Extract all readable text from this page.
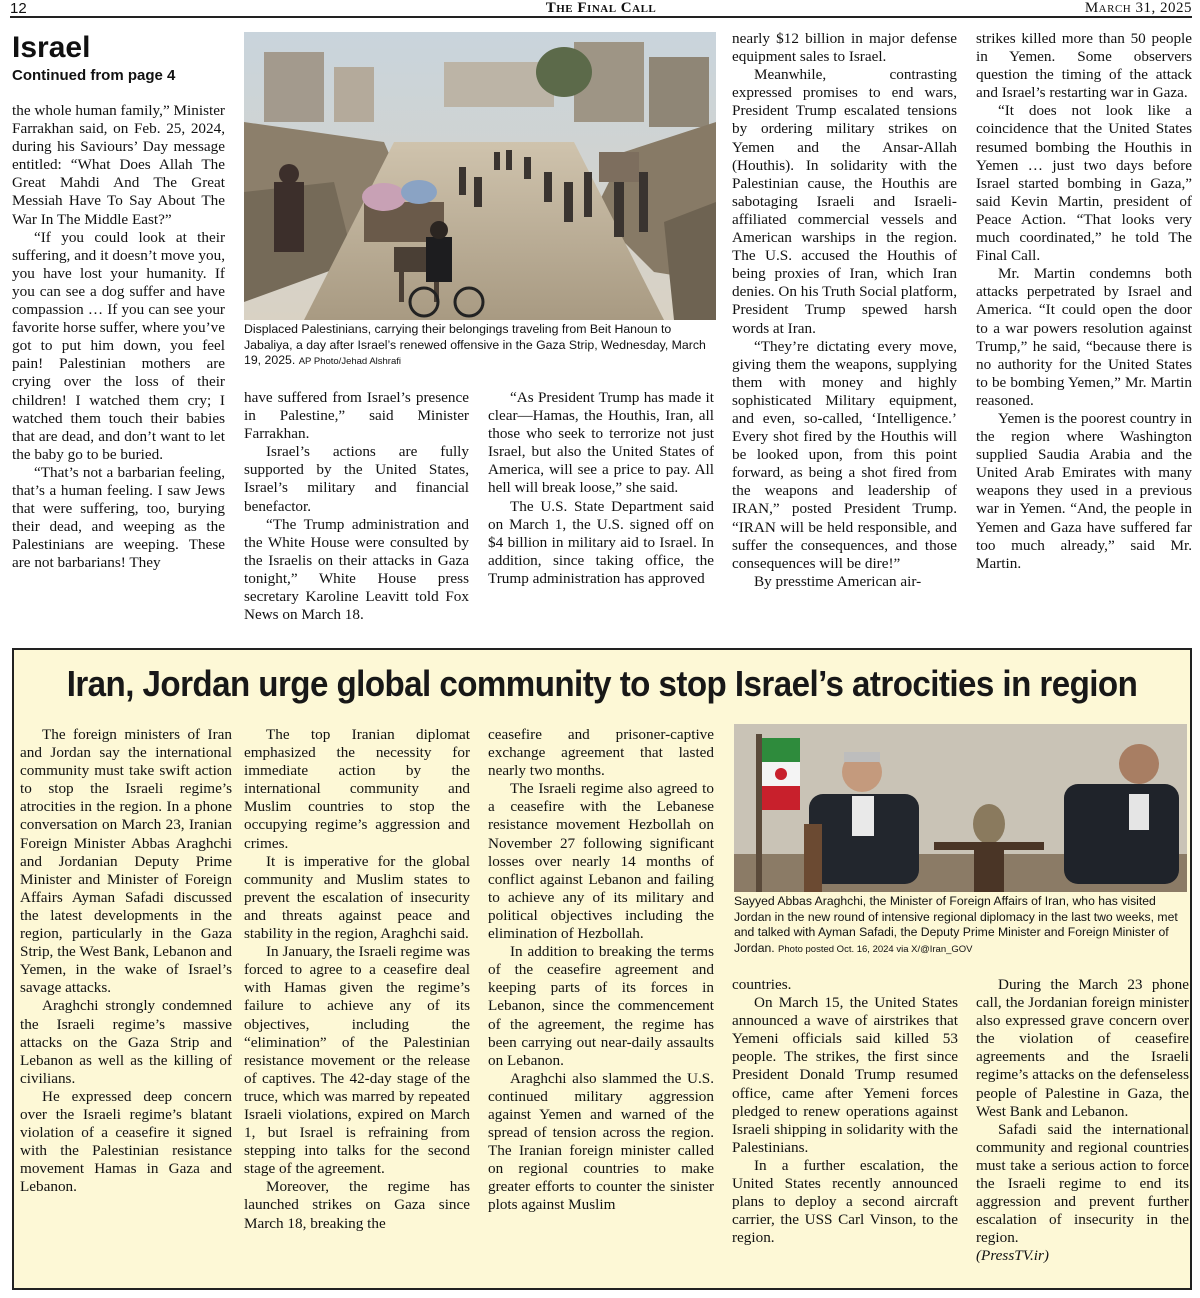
12	The Final Call	March 31, 2025
Israel
Continued from page 4

the whole human family,” Minister Farrakhan said, on Feb. 25, 2024, during his Saviours’ Day message entitled: “What Does Allah The Great Mahdi And The Great Messiah Have To Say About The War In The Middle East?”

“If you could look at their suffering, and it doesn’t move you, you have lost your humanity. If you can see a dog suffer and have compassion … If you can see your favorite horse suffer, where you’ve got to put him down, you feel pain! Palestinian mothers are crying over the loss of their children! I watched them cry; I watched them touch their babies that are dead, and don’t want to let the baby go to be buried.

“That’s not a barbarian feeling, that’s a human feeling. I saw Jews that were suffering, too, burying their dead, and weeping as the Palestinians are weeping. These are not barbarians! They

Displaced Palestinians, carrying their belongings traveling from Beit Hanoun to Jabaliya, a day after Israel’s renewed offensive in the Gaza Strip, Wednesday, March 19, 2025. AP Photo/Jehad Alshrafi

have suffered from Israel’s presence in Palestine,” said Minister Farrakhan.

Israel’s actions are fully supported by the United States, Israel’s military and financial benefactor.

“The Trump administration and the White House were consulted by the Israelis on their attacks in Gaza tonight,” White House press secretary Karoline Leavitt told Fox News on March 18.

“As President Trump has made it clear—Hamas, the Houthis, Iran, all those who seek to terrorize not just Israel, but also the United States of America, will see a price to pay. All hell will break loose,” she said.

The U.S. State Department said on March 1, the U.S. signed off on $4 billion in military aid to Israel. In addition, since taking office, the Trump administration has approved

nearly $12 billion in major defense equipment sales to Israel.

Meanwhile, contrasting expressed promises to end wars, President Trump escalated tensions by ordering military strikes on Yemen and the Ansar-Allah (Houthis). In solidarity with the Palestinian cause, the Houthis are sabotaging Israeli and Israeli-affiliated commercial vessels and American warships in the region. The U.S. accused the Houthis of being proxies of Iran, which Iran denies. On his Truth Social platform, President Trump spewed harsh words at Iran.

“They’re dictating every move, giving them the weapons, supplying them with money and highly sophisticated Military equipment, and even, so-called, ‘Intelligence.’ Every shot fired by the Houthis will be looked upon, from this point forward, as being a shot fired from the weapons and leadership of IRAN,” posted President Trump. “IRAN will be held responsible, and suffer the consequences, and those consequences will be dire!”

By presstime American air-

strikes killed more than 50 people in Yemen. Some observers question the timing of the attack and Israel’s restarting war in Gaza.

“It does not look like a coincidence that the United States resumed bombing the Houthis in Yemen … just two days before Israel started bombing in Gaza,” said Kevin Martin, president of Peace Action. “That looks very much coordinated,” he told The Final Call.

Mr. Martin condemns both attacks perpetrated by Israel and America. “It could open the door to a war powers resolution against Trump,” he said, “because there is no authority for the United States to be bombing Yemen,” Mr. Martin reasoned.

Yemen is the poorest country in the region where Washington supplied Saudia Arabia and the United Arab Emirates with many weapons they used in a previous war in Yemen. “And, the people in Yemen and Gaza have suffered far too much already,” said Mr. Martin.

Iran, Jordan urge global community to stop Israel’s atrocities in region

The foreign ministers of Iran and Jordan say the international community must take swift action to stop the Israeli regime’s atrocities in the region. In a phone conversation on March 23, Iranian Foreign Minister Abbas Araghchi and Jordanian Deputy Prime Minister and Minister of Foreign Affairs Ayman Safadi discussed the latest developments in the region, particularly in the Gaza Strip, the West Bank, Lebanon and Yemen, in the wake of Israel’s savage attacks.

Araghchi strongly condemned the Israeli regime’s massive attacks on the Gaza Strip and Lebanon as well as the killing of civilians.

He expressed deep concern over the Israeli regime’s blatant violation of a ceasefire it signed with the Palestinian resistance movement Hamas in Gaza and Lebanon.

The top Iranian diplomat emphasized the necessity for immediate action by the international community and Muslim countries to stop the occupying regime’s aggression and crimes.

It is imperative for the global community and Muslim states to prevent the escalation of insecurity and threats against peace and stability in the region, Araghchi said.

In January, the Israeli regime was forced to agree to a ceasefire deal with Hamas given the regime’s failure to achieve any of its objectives, including the “elimination” of the Palestinian resistance movement or the release of captives. The 42-day stage of the truce, which was marred by repeated Israeli violations, expired on March 1, but Israel is refraining from stepping into talks for the second stage of the agreement.

Moreover, the regime has launched strikes on Gaza since March 18, breaking the

ceasefire and prisoner-captive exchange agreement that lasted nearly two months.

The Israeli regime also agreed to a ceasefire with the Lebanese resistance movement Hezbollah on November 27 following significant losses over nearly 14 months of conflict against Lebanon and failing to achieve any of its military and political objectives including the elimination of Hezbollah.

In addition to breaking the terms of the ceasefire agreement and keeping parts of its forces in Lebanon, since the commencement of the agreement, the regime has been carrying out near-daily assaults on Lebanon.

Araghchi also slammed the U.S. continued military aggression against Yemen and warned of the spread of tension across the region. The Iranian foreign minister called on regional countries to make greater efforts to counter the sinister plots against Muslim

Sayyed Abbas Araghchi, the Minister of Foreign Affairs of Iran, who has visited Jordan in the new round of intensive regional diplomacy in the last two weeks, met and talked with Ayman Safadi, the Deputy Prime Minister and Foreign Minister of Jordan. Photo posted Oct. 16, 2024 via X/@Iran_GOV

countries.

On March 15, the United States announced a wave of airstrikes that Yemeni officials said killed 53 people. The strikes, the first since President Donald Trump resumed office, came after Yemeni forces pledged to renew operations against Israeli shipping in solidarity with the Palestinians.

In a further escalation, the United States recently announced plans to deploy a second aircraft carrier, the USS Carl Vinson, to the region.

During the March 23 phone call, the Jordanian foreign minister also expressed grave concern over the violation of ceasefire agreements and the Israeli regime’s attacks on the defenseless people of Palestine in Gaza, the West Bank and Lebanon.

Safadi said the international community and regional countries must take a serious action to force the Israeli regime to end its aggression and prevent further escalation of insecurity in the region.

(PressTV.ir)
